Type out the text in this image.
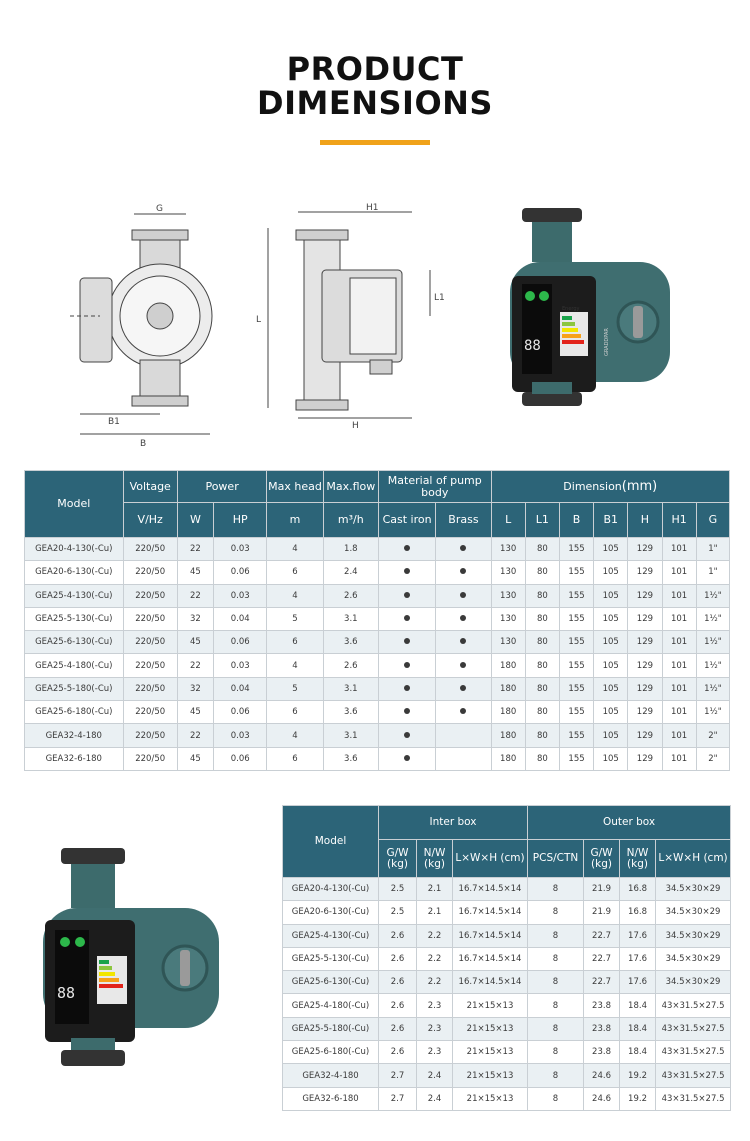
PRODUCT
DIMENSIONS
G
B1
B
L
H1
L1
H
Energy
88	GRADDPAR
Model	Voltage	Power		Max head	Max.flow	Material of pump body		Dimension(mm)						
	V/Hz	W	HP	m	m³/h	Cast iron	Brass	L	L1	B	B1	H	H1	G
GEA20-4-130(-Cu)	220/50	22	0.03	4	1.8			130	80	155	105	129	101	1"
GEA20-6-130(-Cu)	220/50	45	0.06	6	2.4			130	80	155	105	129	101	1"
GEA25-4-130(-Cu)	220/50	22	0.03	4	2.6			130	80	155	105	129	101	1½"
GEA25-5-130(-Cu)	220/50	32	0.04	5	3.1			130	80	155	105	129	101	1½"
GEA25-6-130(-Cu)	220/50	45	0.06	6	3.6			130	80	155	105	129	101	1½"
GEA25-4-180(-Cu)	220/50	22	0.03	4	2.6			180	80	155	105	129	101	1½"
GEA25-5-180(-Cu)	220/50	32	0.04	5	3.1			180	80	155	105	129	101	1½"
GEA25-6-180(-Cu)	220/50	45	0.06	6	3.6			180	80	155	105	129	101	1½"
GEA32-4-180	220/50	22	0.03	4	3.1			180	80	155	105	129	101	2"
GEA32-6-180	220/50	45	0.06	6	3.6			180	80	155	105	129	101	2"
88
Model	Inter box			Outer box			
	G/W (kg)	N/W (kg)	L×W×H (cm)	PCS/CTN	G/W (kg)	N/W (kg)	L×W×H (cm)
GEA20-4-130(-Cu)	2.5	2.1	16.7×14.5×14	8	21.9	16.8	34.5×30×29
GEA20-6-130(-Cu)	2.5	2.1	16.7×14.5×14	8	21.9	16.8	34.5×30×29
GEA25-4-130(-Cu)	2.6	2.2	16.7×14.5×14	8	22.7	17.6	34.5×30×29
GEA25-5-130(-Cu)	2.6	2.2	16.7×14.5×14	8	22.7	17.6	34.5×30×29
GEA25-6-130(-Cu)	2.6	2.2	16.7×14.5×14	8	22.7	17.6	34.5×30×29
GEA25-4-180(-Cu)	2.6	2.3	21×15×13	8	23.8	18.4	43×31.5×27.5
GEA25-5-180(-Cu)	2.6	2.3	21×15×13	8	23.8	18.4	43×31.5×27.5
GEA25-6-180(-Cu)	2.6	2.3	21×15×13	8	23.8	18.4	43×31.5×27.5
GEA32-4-180	2.7	2.4	21×15×13	8	24.6	19.2	43×31.5×27.5
GEA32-6-180	2.7	2.4	21×15×13	8	24.6	19.2	43×31.5×27.5
